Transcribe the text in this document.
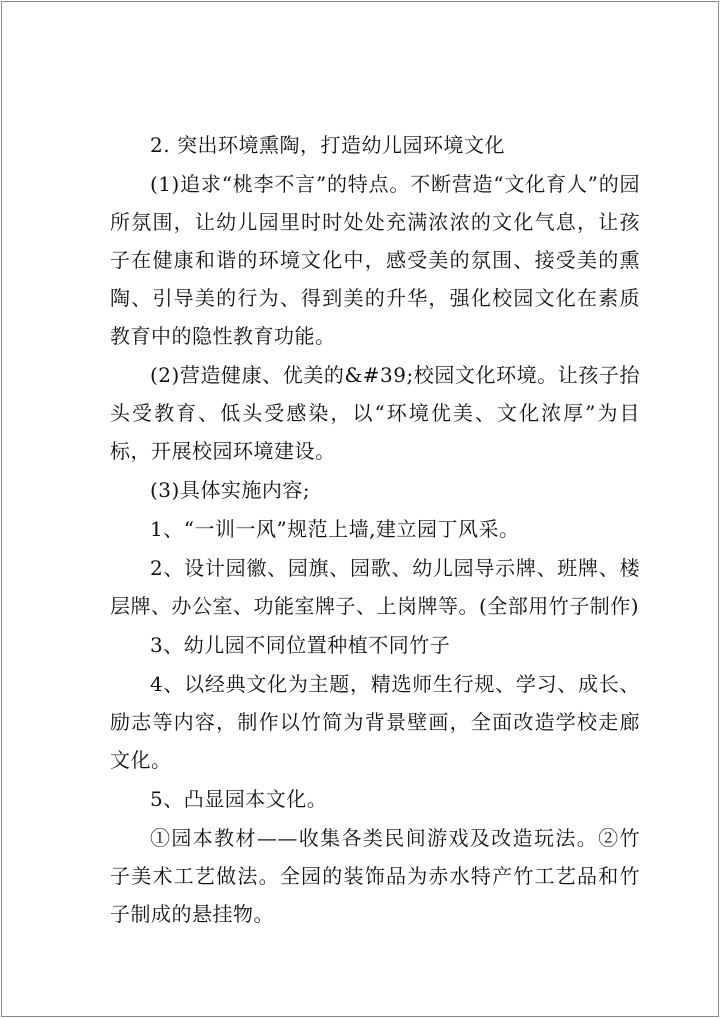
2. 突出环境熏陶，打造幼儿园环境文化

(1)追求“桃李不言”的特点。不断营造“文化育人”的园所氛围，让幼儿园里时时处处充满浓浓的文化气息，让孩子在健康和谐的环境文化中，感受美的氛围、接受美的熏陶、引导美的行为、得到美的升华，强化校园文化在素质教育中的隐性教育功能。

(2)营造健康、优美的&#39;校园文化环境。让孩子抬头受教育、低头受感染，以“环境优美、文化浓厚”为目标，开展校园环境建设。

(3)具体实施内容;

1、“一训一风”规范上墙,建立园丁风采。

2、设计园徽、园旗、园歌、幼儿园导示牌、班牌、楼层牌、办公室、功能室牌子、上岗牌等。(全部用竹子制作)

3、幼儿园不同位置种植不同竹子

4、以经典文化为主题，精选师生行规、学习、成长、励志等内容，制作以竹简为背景壁画，全面改造学校走廊文化。

5、凸显园本文化。

①园本教材——收集各类民间游戏及改造玩法。②竹子美术工艺做法。全园的装饰品为赤水特产竹工艺品和竹子制成的悬挂物。
